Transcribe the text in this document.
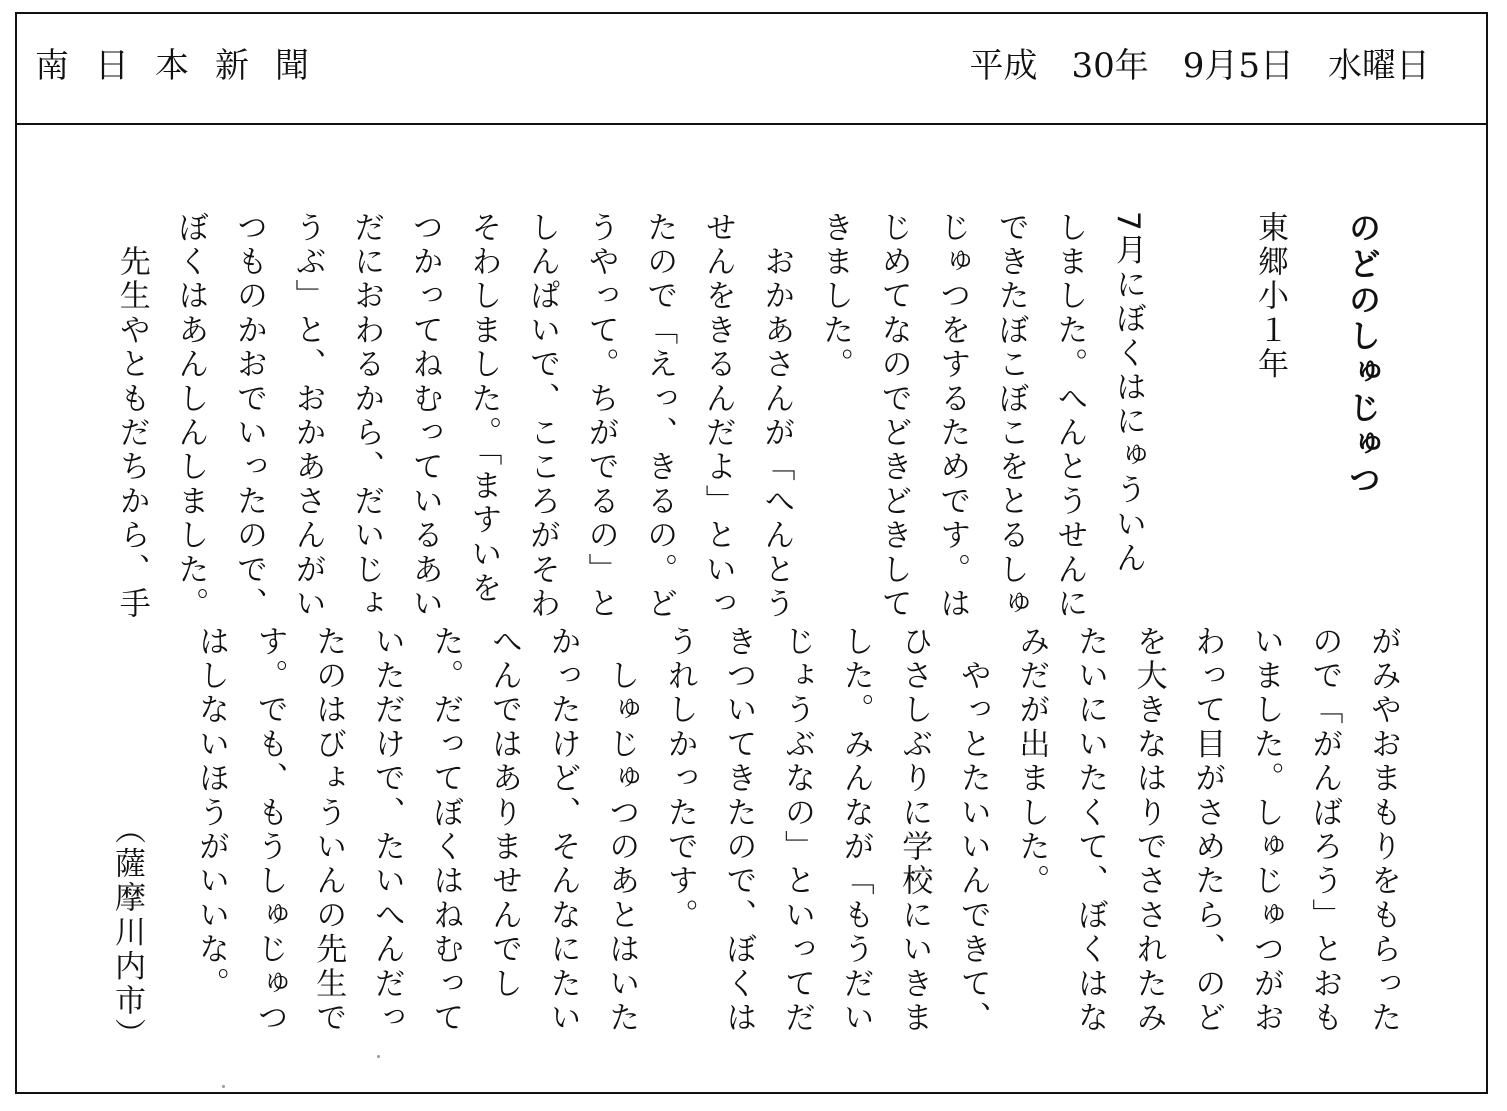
南日本新聞	平成　30年　9月5日　水曜日

のどのしゅじゅつ

東郷小１年

7月にぼくはにゅういん

しました。へんとうせんに

できたぼこぼこをとるしゅ

じゅつをするためです。は

じめてなのでどきどきして

きました。

　おかあさんが「へんとう

せんをきるんだよ」といっ

たので「えっ、きるの。ど

うやって。ちがでるの」と

しんぱいで、こころがそわ

そわしました。「ますいを

つかってねむっているあい

だにおわるから、だいじょ

うぶ」と、おかあさんがい

つものかおでいったので、

ぼくはあんしんしました。

　先生やともだちから、手

がみやおまもりをもらった

ので「がんばろう」とおも

いました。しゅじゅつがお

わって目がさめたら、のど

を大きなはりでさされたみ

たいにいたくて、ぼくはな

みだが出ました。

　やっとたいいんできて、

ひさしぶりに学校にいきま

した。みんなが「もうだい

じょうぶなの」といってだ

きついてきたので、ぼくは

うれしかったです。

　しゅじゅつのあとはいた

かったけど、そんなにたい

へんではありませんでし

た。だってぼくはねむって

いただけで、たいへんだっ

たのはびょういんの先生で

す。でも、もうしゅじゅつ

はしないほうがいいな。

（薩摩川内市）
